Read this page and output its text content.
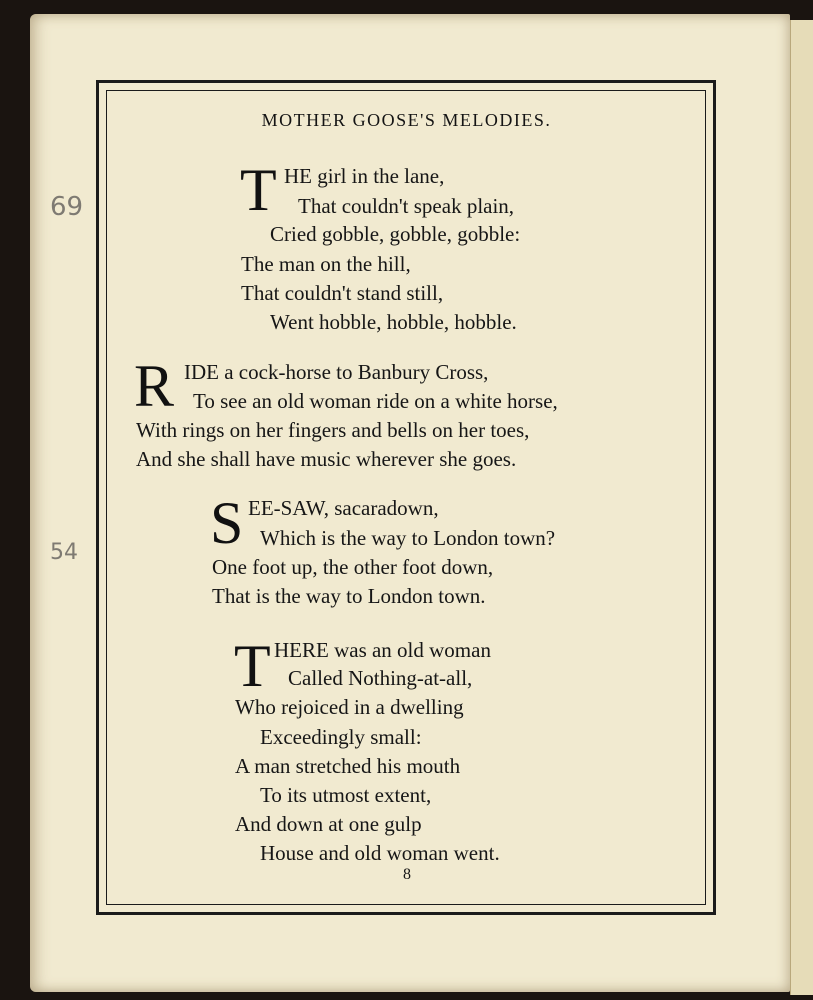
69
54
MOTHER GOOSE'S MELODIES.
T HE girl in the lane,
That couldn't speak plain,
Cried gobble, gobble, gobble:
The man on the hill,
That couldn't stand still,
Went hobble, hobble, hobble.
R IDE a cock-horse to Banbury Cross,
To see an old woman ride on a white horse,
With rings on her fingers and bells on her toes,
And she shall have music wherever she goes.
S EE-SAW, sacaradown,
Which is the way to London town?
One foot up, the other foot down,
That is the way to London town.
T HERE was an old woman
Called Nothing-at-all,
Who rejoiced in a dwelling
Exceedingly small:
A man stretched his mouth
To its utmost extent,
And down at one gulp
House and old woman went.
8
